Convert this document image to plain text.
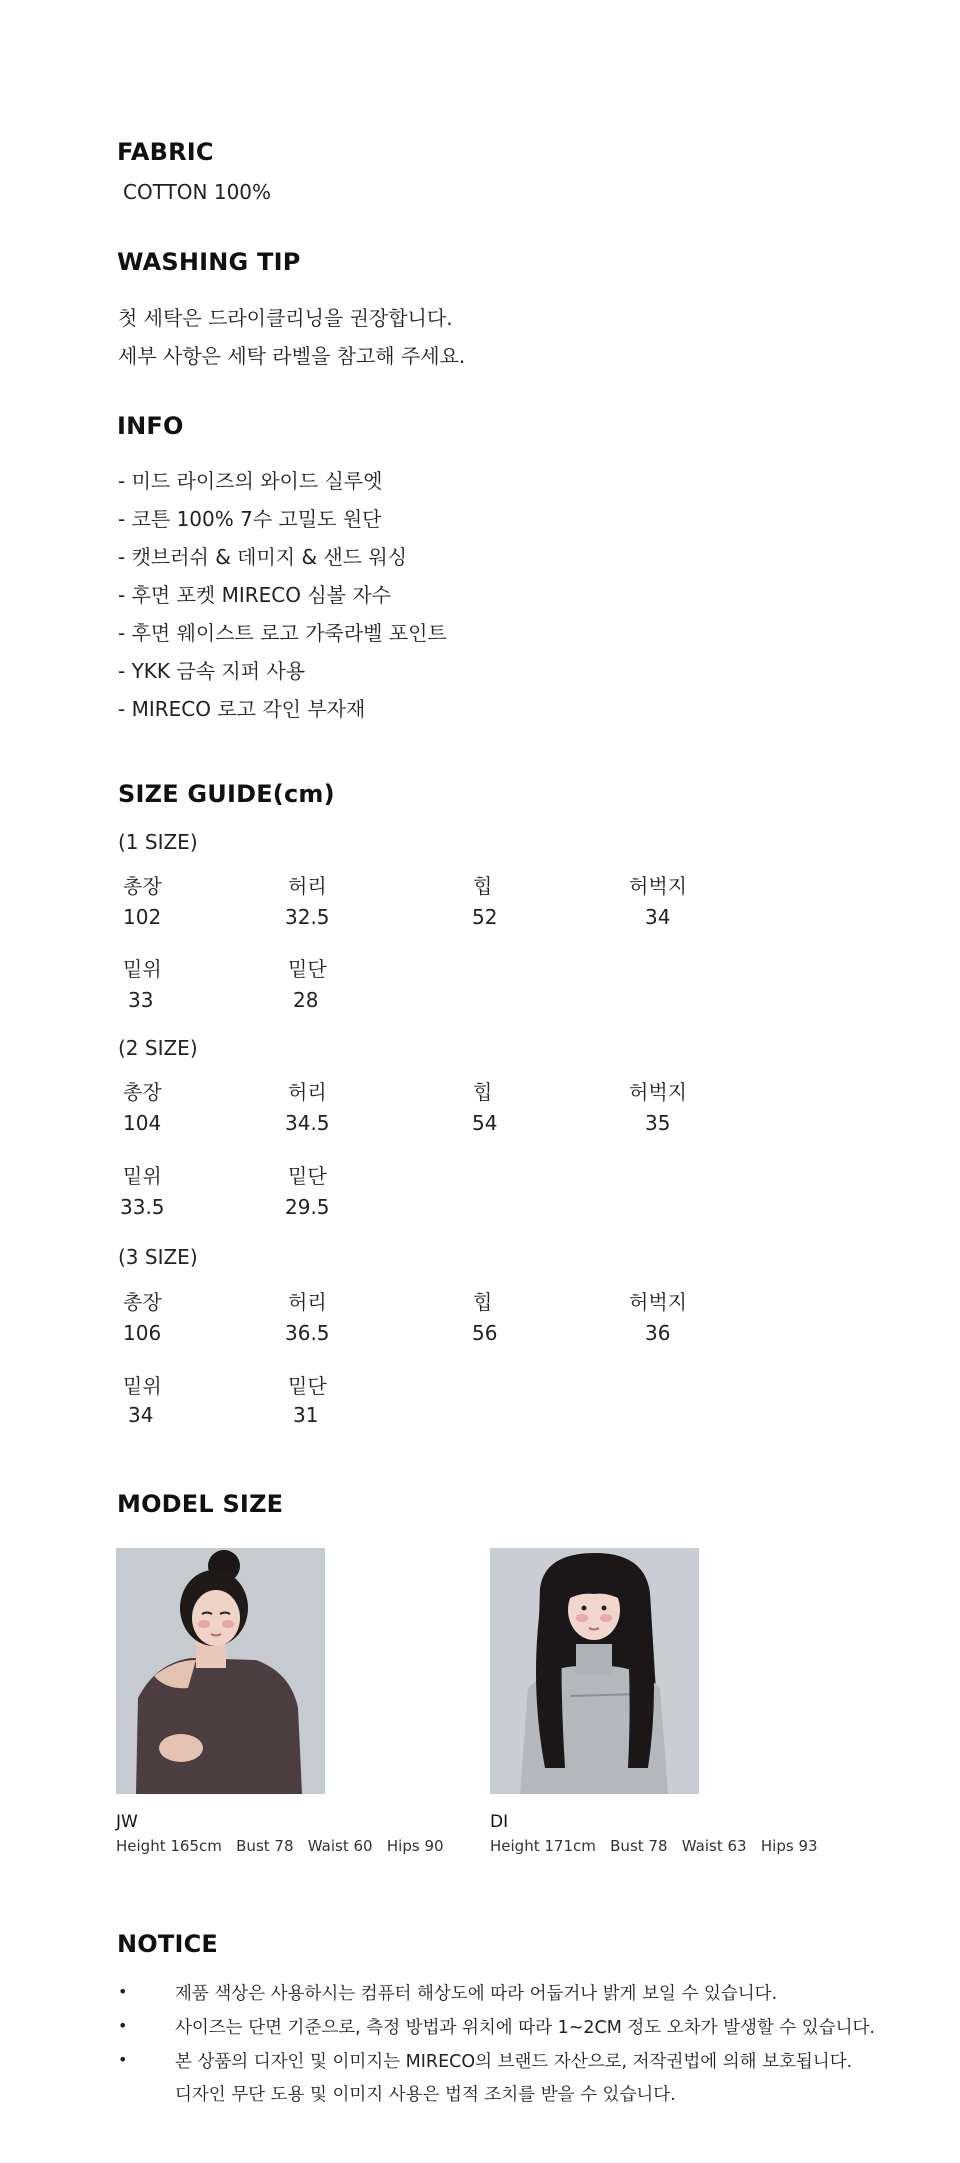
FABRIC
COTTON 100%
WASHING TIP
첫 세탁은 드라이클리닝을 권장합니다.
세부 사항은 세탁 라벨을 참고해 주세요.
INFO
- 미드 라이즈의 와이드 실루엣
- 코튼 100% 7수 고밀도 원단
- 캣브러쉬 & 데미지 & 샌드 워싱
- 후면 포켓 MIRECO 심볼 자수
- 후면 웨이스트 로고 가죽라벨 포인트
- YKK 금속 지퍼 사용
- MIRECO 로고 각인 부자재
SIZE GUIDE(cm)
(1 SIZE)
총장	허리	힙	허벅지
102	32.5	52	34
밑위	밑단
33	28
(2 SIZE)
총장	허리	힙	허벅지
104	34.5	54	35
밑위	밑단
33.5	29.5
(3 SIZE)
총장	허리	힙	허벅지
106	36.5	56	36
밑위	밑단
34	31
MODEL SIZE
JW
Height 165cm   Bust 78   Waist 60   Hips 90
DI
Height 171cm   Bust 78   Waist 63   Hips 93
NOTICE
•	제품 색상은 사용하시는 컴퓨터 해상도에 따라 어둡거나 밝게 보일 수 있습니다.
•	사이즈는 단면 기준으로, 측정 방법과 위치에 따라 1~2CM 정도 오차가 발생할 수 있습니다.
•	본 상품의 디자인 및 이미지는 MIRECO의 브랜드 자산으로, 저작권법에 의해 보호됩니다.
디자인 무단 도용 및 이미지 사용은 법적 조치를 받을 수 있습니다.
